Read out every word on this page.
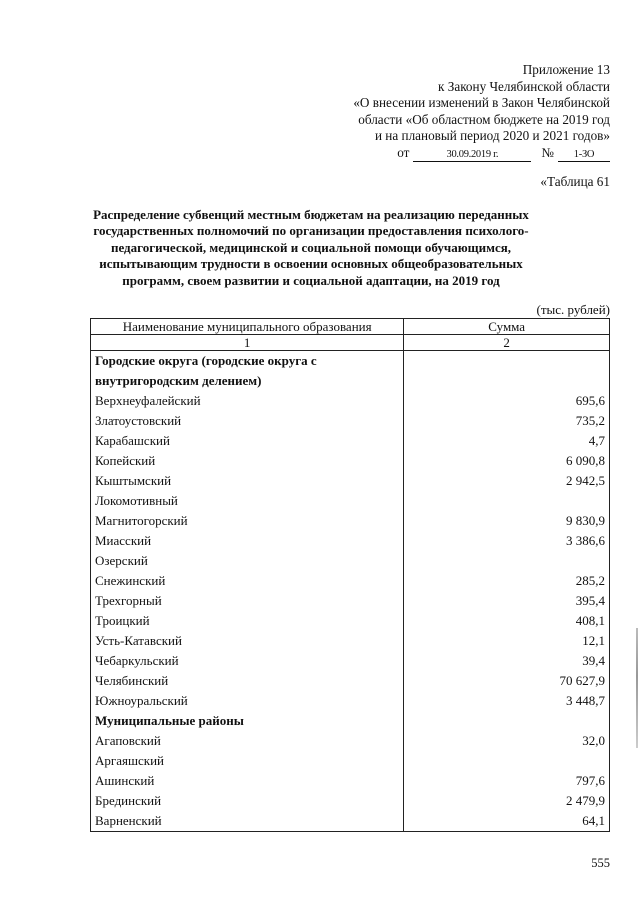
Приложение 13
к Закону Челябинской области
«О внесении изменений в Закон Челябинской
области «Об областном бюджете на 2019 год
и на плановый период 2020 и 2021 годов»
от	30.09.2019 г.	№	1-ЗО
«Таблица 61
Распределение субвенций местным бюджетам на реализацию переданных государственных полномочий по организации предоставления психолого-педагогической, медицинской и социальной помощи обучающимся, испытывающим трудности в освоении основных общеобразовательных программ, своем развитии и социальной адаптации, на 2019 год
(тыс. рублей)
Наименование муниципального образования	Сумма
1	2
Городские округа (городские округа с внутригородским делением)	
Верхнеуфалейский	695,6
Златоустовский	735,2
Карабашский	4,7
Копейский	6 090,8
Кыштымский	2 942,5
Локомотивный	
Магнитогорский	9 830,9
Миасский	3 386,6
Озерский	
Снежинский	285,2
Трехгорный	395,4
Троицкий	408,1
Усть-Катавский	12,1
Чебаркульский	39,4
Челябинский	70 627,9
Южноуральский	3 448,7
Муниципальные районы	
Агаповский	32,0
Аргаяшский	
Ашинский	797,6
Брединский	2 479,9
Варненский	64,1
555
